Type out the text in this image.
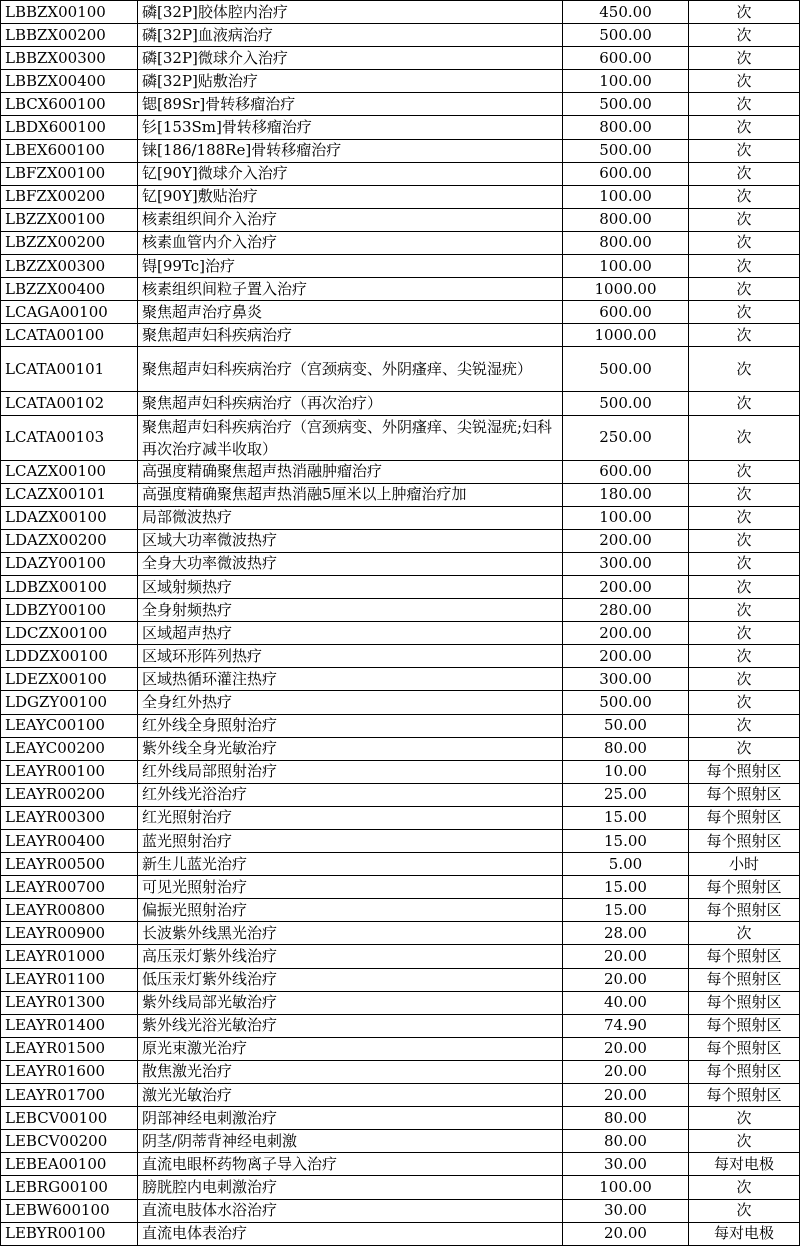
LBBZX00100	磷[32P]胶体腔内治疗	450.00	次
LBBZX00200	磷[32P]血液病治疗	500.00	次
LBBZX00300	磷[32P]微球介入治疗	600.00	次
LBBZX00400	磷[32P]贴敷治疗	100.00	次
LBCX600100	锶[89Sr]骨转移瘤治疗	500.00	次
LBDX600100	钐[153Sm]骨转移瘤治疗	800.00	次
LBEX600100	铼[186/188Re]骨转移瘤治疗	500.00	次
LBFZX00100	钇[90Y]微球介入治疗	600.00	次
LBFZX00200	钇[90Y]敷贴治疗	100.00	次
LBZZX00100	核素组织间介入治疗	800.00	次
LBZZX00200	核素血管内介入治疗	800.00	次
LBZZX00300	锝[99Tc]治疗	100.00	次
LBZZX00400	核素组织间粒子置入治疗	1000.00	次
LCAGA00100	聚焦超声治疗鼻炎	600.00	次
LCATA00100	聚焦超声妇科疾病治疗	1000.00	次
LCATA00101	聚焦超声妇科疾病治疗（宫颈病变、外阴瘙痒、尖锐湿疣）	500.00	次
LCATA00102	聚焦超声妇科疾病治疗（再次治疗）	500.00	次
LCATA00103	聚焦超声妇科疾病治疗（宫颈病变、外阴瘙痒、尖锐湿疣;妇科再次治疗减半收取）	250.00	次
LCAZX00100	高强度精确聚焦超声热消融肿瘤治疗	600.00	次
LCAZX00101	高强度精确聚焦超声热消融5厘米以上肿瘤治疗加	180.00	次
LDAZX00100	局部微波热疗	100.00	次
LDAZX00200	区域大功率微波热疗	200.00	次
LDAZY00100	全身大功率微波热疗	300.00	次
LDBZX00100	区域射频热疗	200.00	次
LDBZY00100	全身射频热疗	280.00	次
LDCZX00100	区域超声热疗	200.00	次
LDDZX00100	区域环形阵列热疗	200.00	次
LDEZX00100	区域热循环灌注热疗	300.00	次
LDGZY00100	全身红外热疗	500.00	次
LEAYC00100	红外线全身照射治疗	50.00	次
LEAYC00200	紫外线全身光敏治疗	80.00	次
LEAYR00100	红外线局部照射治疗	10.00	每个照射区
LEAYR00200	红外线光浴治疗	25.00	每个照射区
LEAYR00300	红光照射治疗	15.00	每个照射区
LEAYR00400	蓝光照射治疗	15.00	每个照射区
LEAYR00500	新生儿蓝光治疗	5.00	小时
LEAYR00700	可见光照射治疗	15.00	每个照射区
LEAYR00800	偏振光照射治疗	15.00	每个照射区
LEAYR00900	长波紫外线黑光治疗	28.00	次
LEAYR01000	高压汞灯紫外线治疗	20.00	每个照射区
LEAYR01100	低压汞灯紫外线治疗	20.00	每个照射区
LEAYR01300	紫外线局部光敏治疗	40.00	每个照射区
LEAYR01400	紫外线光浴光敏治疗	74.90	每个照射区
LEAYR01500	原光束激光治疗	20.00	每个照射区
LEAYR01600	散焦激光治疗	20.00	每个照射区
LEAYR01700	激光光敏治疗	20.00	每个照射区
LEBCV00100	阴部神经电刺激治疗	80.00	次
LEBCV00200	阴茎/阴蒂背神经电刺激	80.00	次
LEBEA00100	直流电眼杯药物离子导入治疗	30.00	每对电极
LEBRG00100	膀胱腔内电刺激治疗	100.00	次
LEBW600100	直流电肢体水浴治疗	30.00	次
LEBYR00100	直流电体表治疗	20.00	每对电极
